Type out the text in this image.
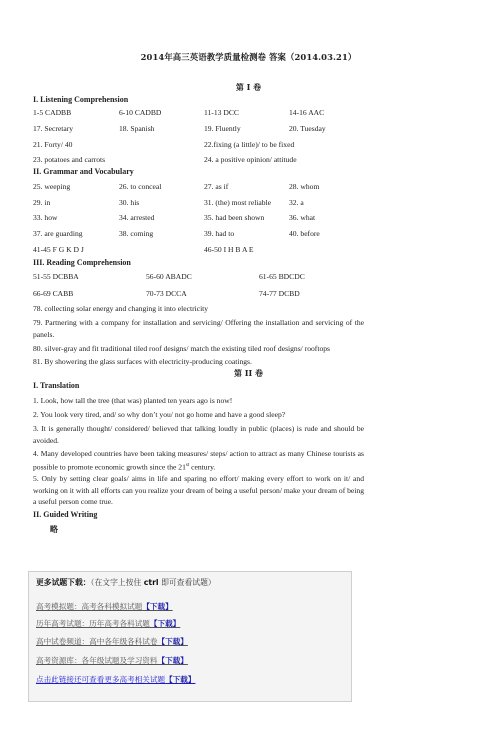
2014年高三英语教学质量检测卷 答案（2014.03.21）
第 I 卷
I. Listening Comprehension
1-5 CADBB	6-10 CADBD	11-13 DCC	14-16 AAC
17. Secretary	18. Spanish	19. Fluently	20. Tuesday
21. Forty/ 40	22.fixing (a little)/ to be fixed
23. potatoes and carrots	24. a positive opinion/ attitude
II. Grammar and Vocabulary
25. weeping	26. to conceal	27. as if	28. whom
29. in	30. his	31. (the) most reliable 32. a
33. how	34. arrested	35. had been shown	36. what
37. are guarding	38. coming	39. had to	40. before
41-45 F G K D J	46-50 I H B A E
III. Reading Comprehension
51-55 DCBBA	56-60 ABADC	61-65 BDCDC
66-69 CABB	70-73 DCCA	74-77 DCBD
78. collecting solar energy and changing it into electricity
79. Partnering with a company for installation and servicing/ Offering the installation and servicing of the panels.
80. silver-gray and fit traditional tiled roof designs/ match the existing tiled roof designs/ rooftops
81. By showering the glass surfaces with electricity-producing coatings.
第 II 卷
I. Translation
1. Look, how tall the tree (that was) planted ten years ago is now!
2. You look very tired, and/ so why don’t you/ not go home and have a good sleep?
3. It is generally thought/ considered/ believed that talking loudly in public (places) is rude and should be avoided.
4. Many developed countries have been taking measures/ steps/ action to attract as many Chinese tourists as possible to promote economic growth since the 21st century.
5. Only by setting clear goals/ aims in life and sparing no effort/ making every effort to work on it/ and working on it with all efforts can you realize your dream of being a useful person/ make your dream of being a useful person come true.
II. Guided Writing
略
更多试题下载：（在文字上按住 ctrl 即可查看试题）
高考模拟题：高考各科模拟试题【下载】
历年高考试题：历年高考各科试题【下载】
高中试卷频道：高中各年级各科试卷【下载】
高考资源库：各年级试题及学习资料【下载】
点击此链接还可查看更多高考相关试题【下载】
